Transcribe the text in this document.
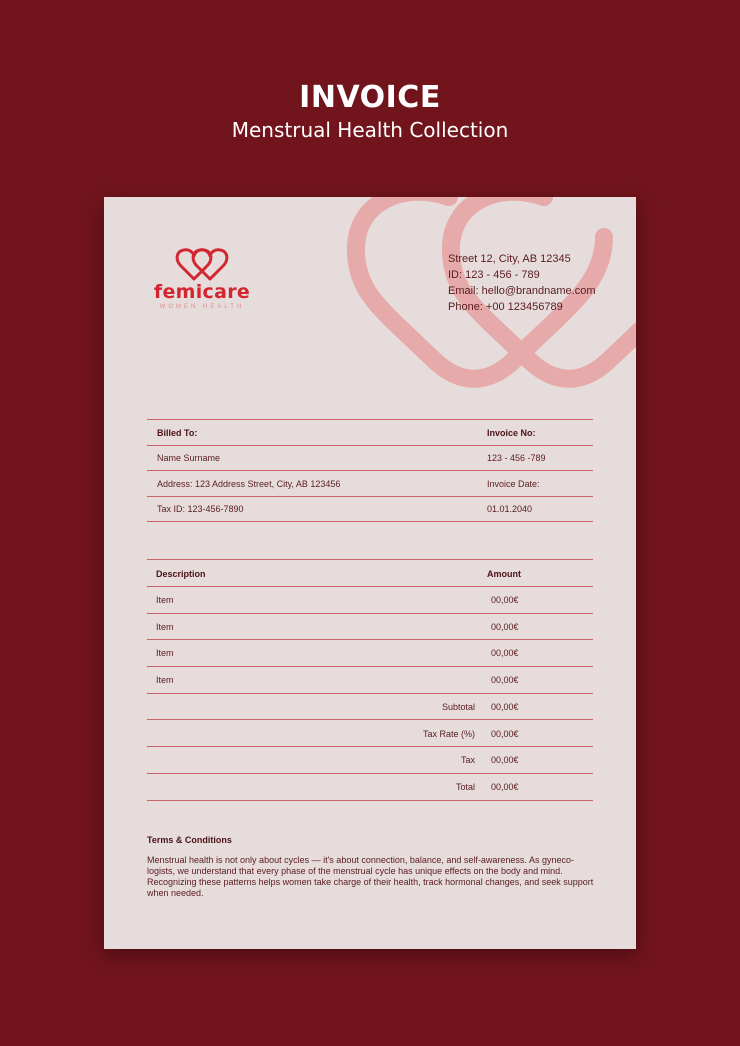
INVOICE
Menstrual Health Collection
femicare
WOMEN HEALTH
Street 12, City, AB 12345
ID: 123 - 456 - 789
Email: hello@brandname.com
Phone: +00 123456789
Billed To:	Invoice No:
Name Surname	123 - 456 -789
Address: 123 Address Street, City, AB 123456	Invoice Date:
Tax ID: 123-456-7890	01.01.2040
Description	Amount
Item	00,00€
Item	00,00€
Item	00,00€
Item	00,00€
Subtotal 00,00€
Tax Rate (%) 00,00€
Tax 00,00€
Total 00,00€
Terms & Conditions
Menstrual health is not only about cycles — it's about connection, balance, and self-awareness. As gyneco-logists, we understand that every phase of the menstrual cycle has unique effects on the body and mind. Recognizing these patterns helps women take charge of their health, track hormonal changes, and seek support when needed.
